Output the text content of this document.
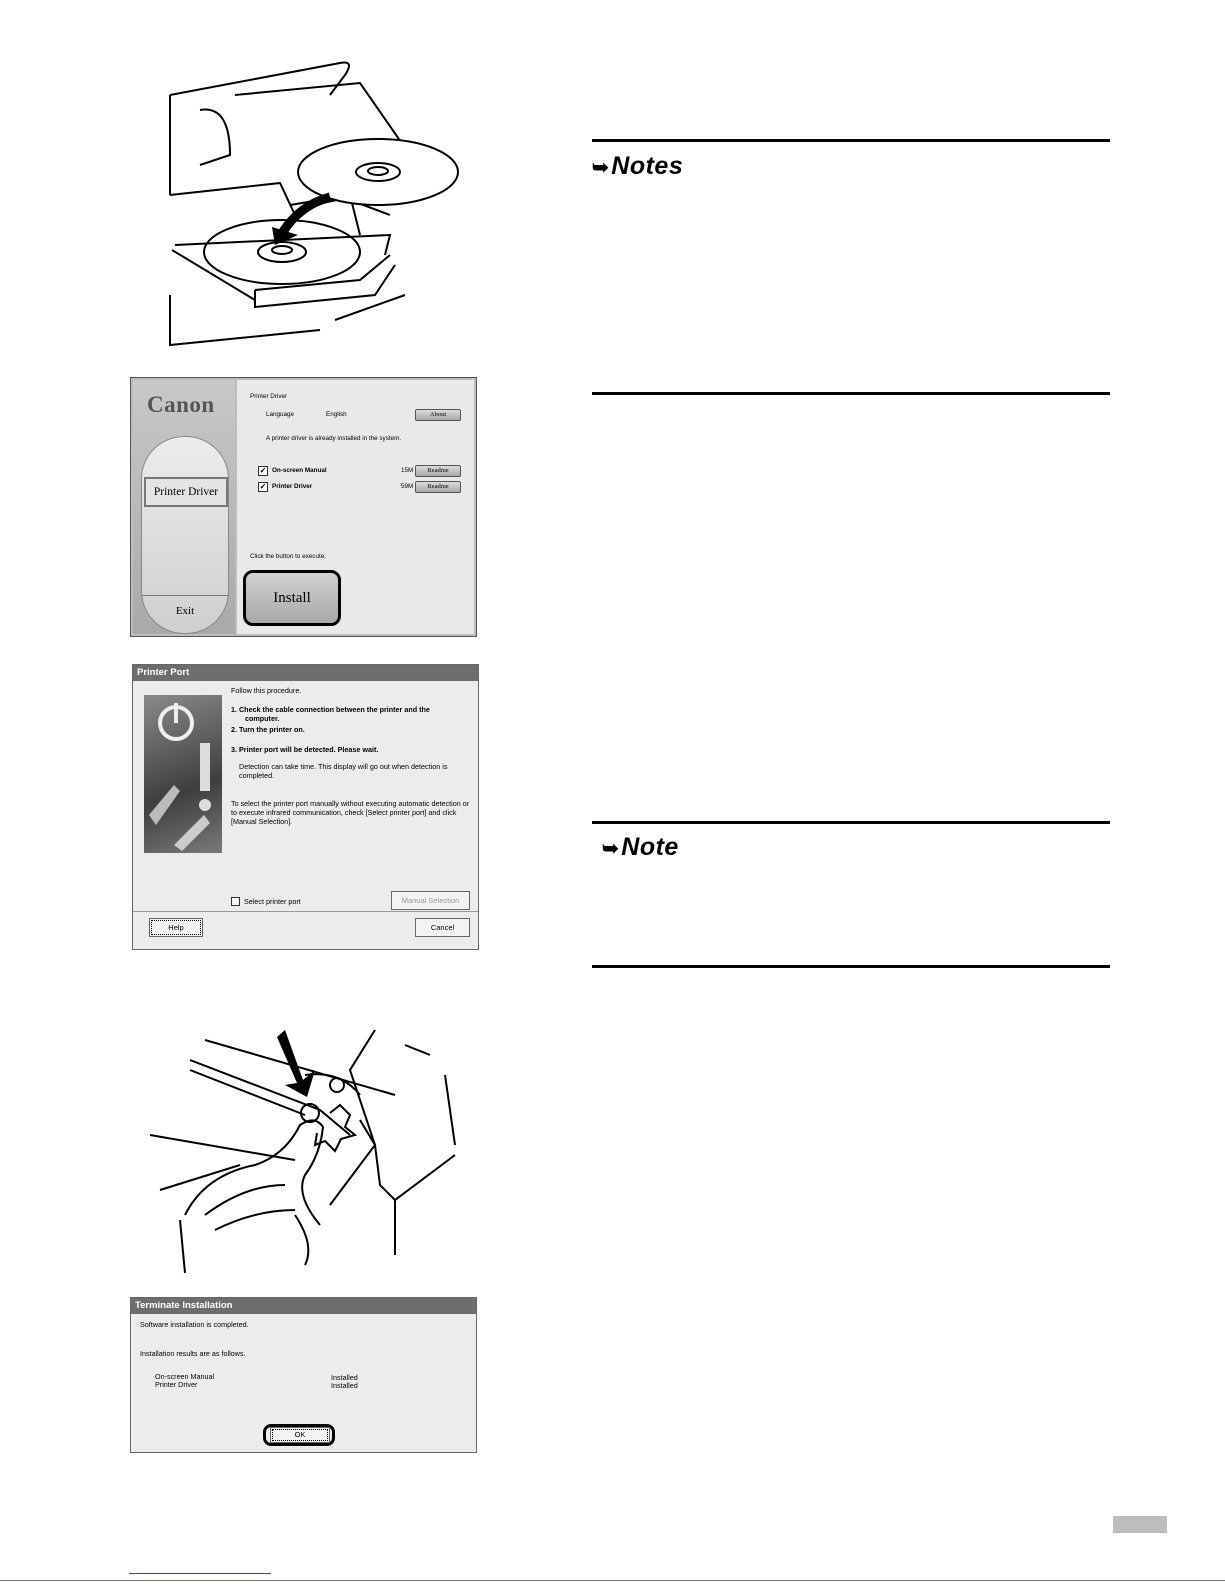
➥Notes
Canon
Printer Driver
Exit
Printer Driver
Language	English	About
A printer driver is already installed in the system.
✓ On-screen Manual	15M	Readme
✓ Printer Driver	59M	Readme
Click the button to execute.
Install
Printer Port
Follow this procedure.
1. Check the cable connection between the printer and the
computer.
2. Turn the printer on.
3. Printer port will be detected. Please wait.
Detection can take time. This display will go out when detection is
completed.
To select the printer port manually without executing automatic detection or
to execute infrared communication, check [Select printer port] and click
[Manual Selection].
Select printer port	Manual Selection
Help	Cancel
➥Note
Terminate Installation
Software installation is completed.
Installation results are as follows.
On-screen Manual	Installed
Printer Driver	Installed
OK
